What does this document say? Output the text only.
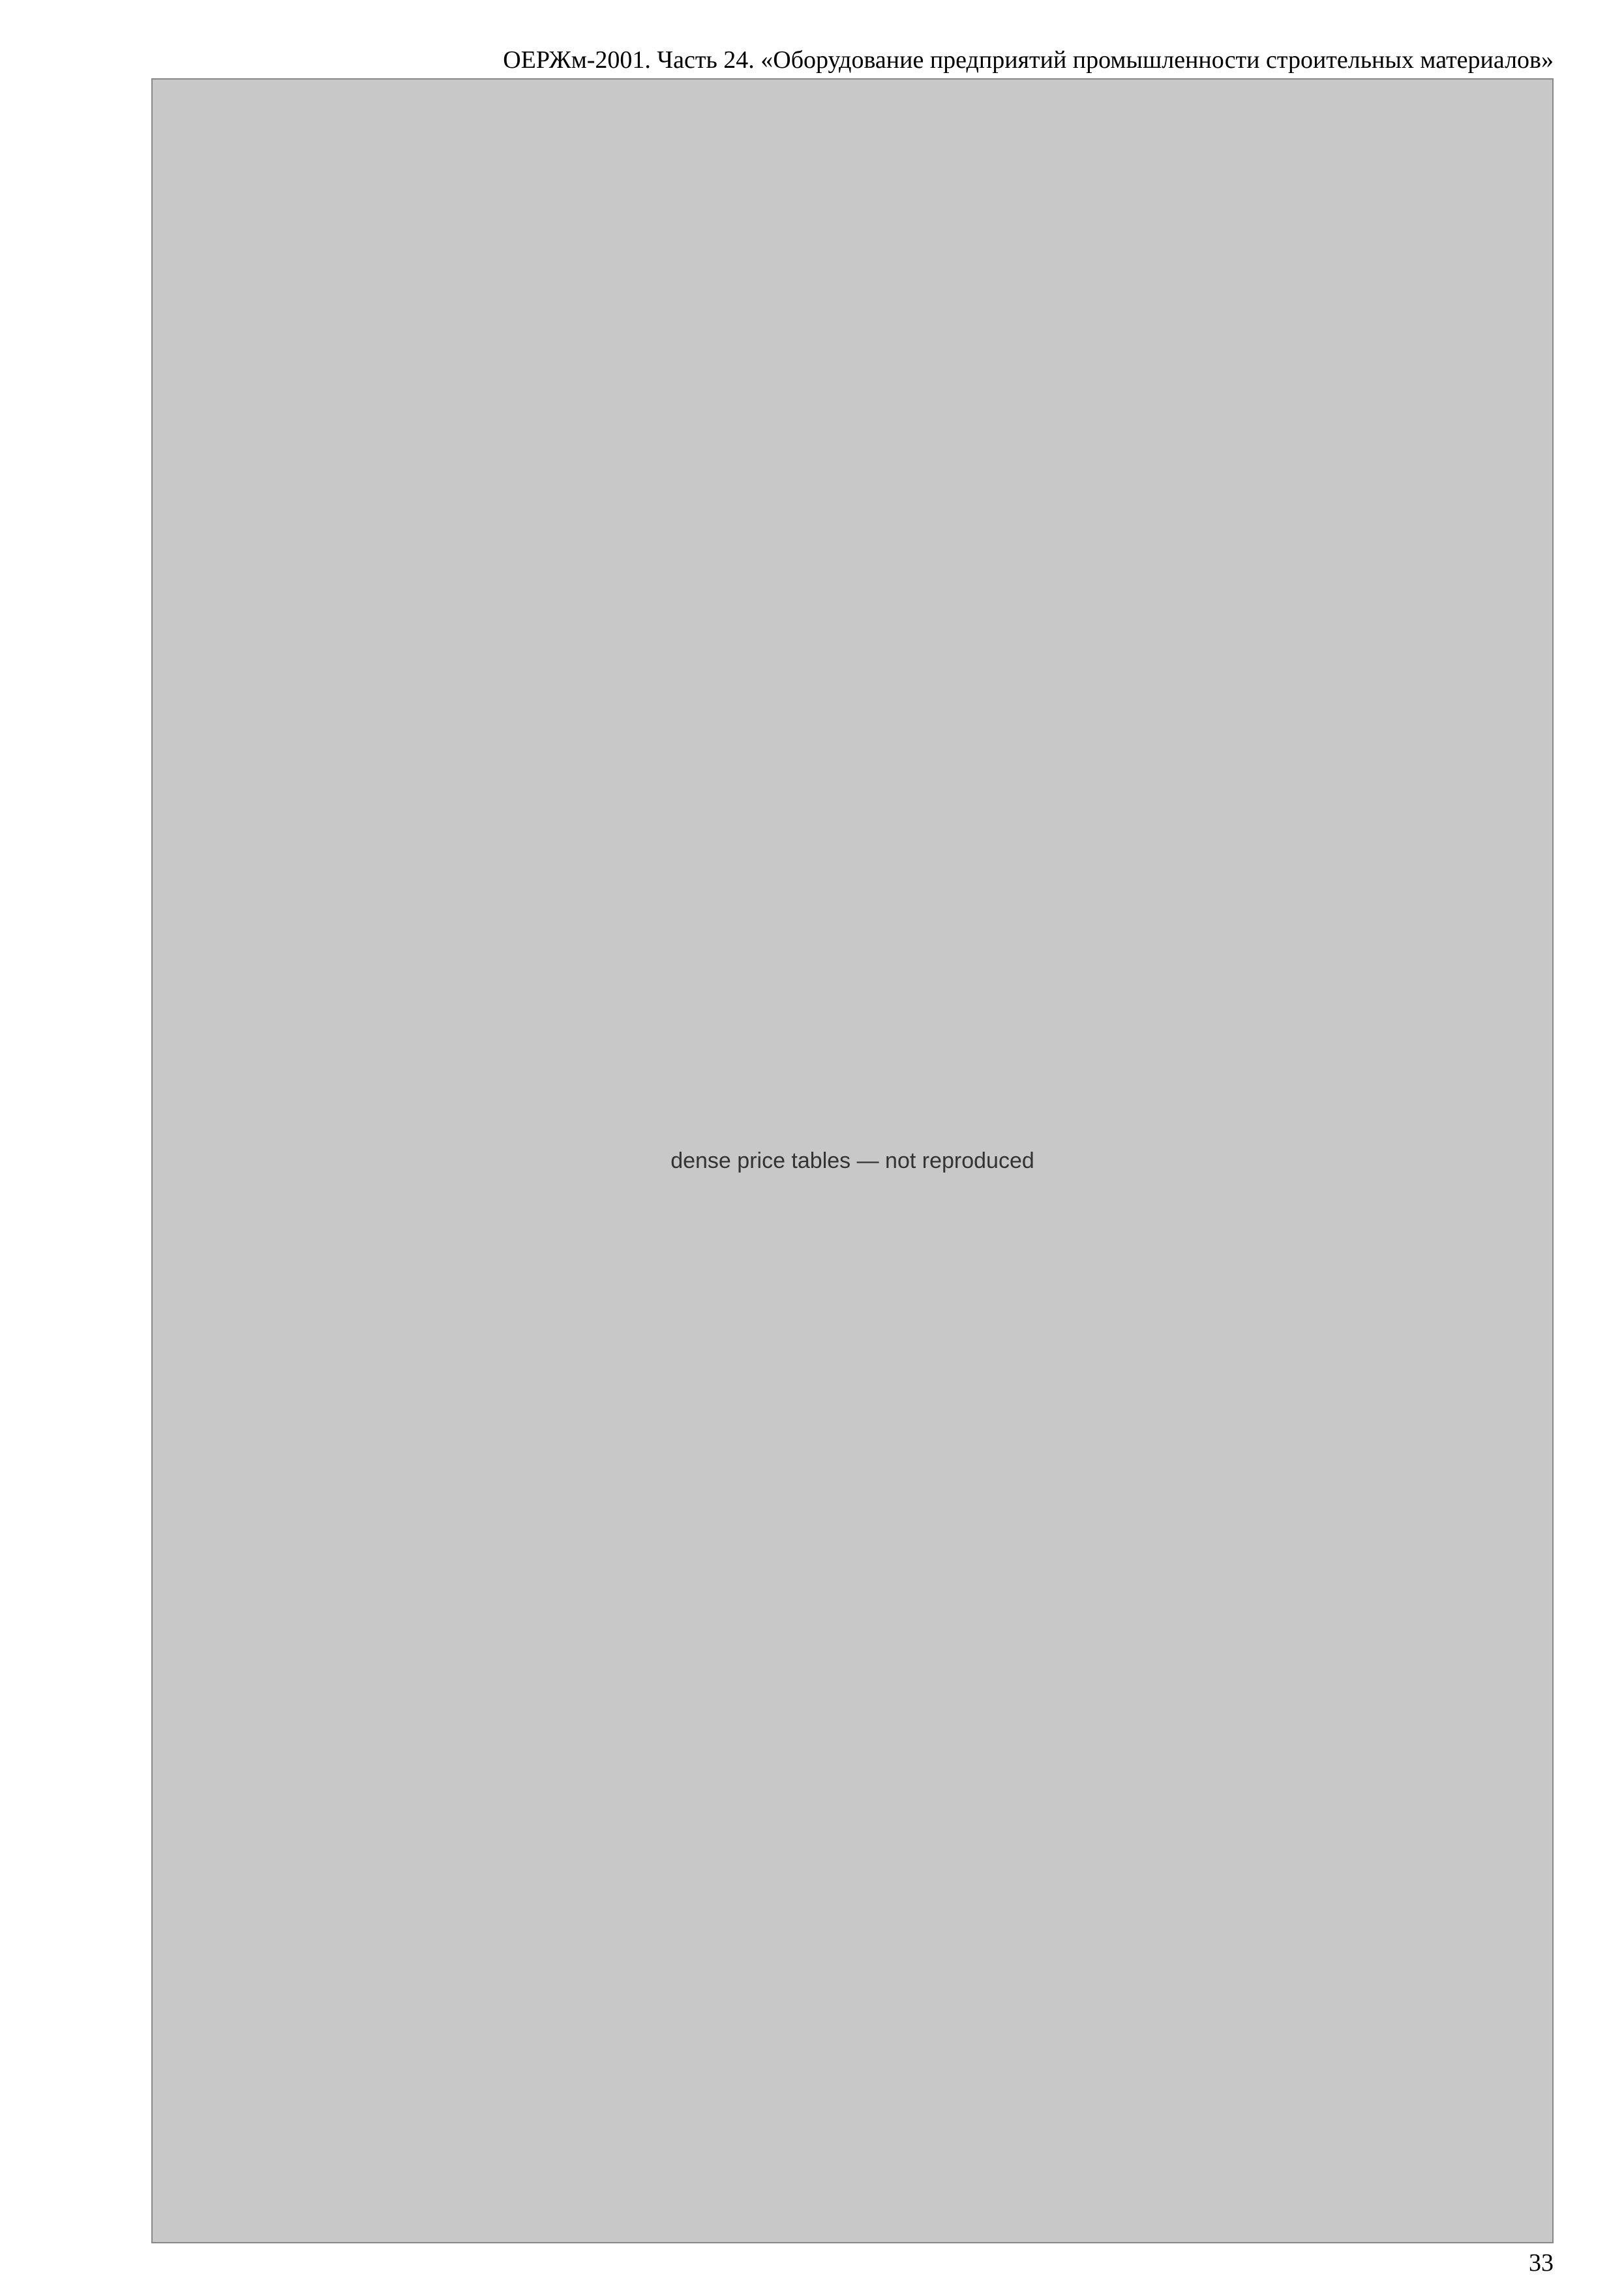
ОЕРЖм-2001. Часть 24. «Оборудование предприятий промышленности строительных материалов»
dense price tables — not reproduced
33
